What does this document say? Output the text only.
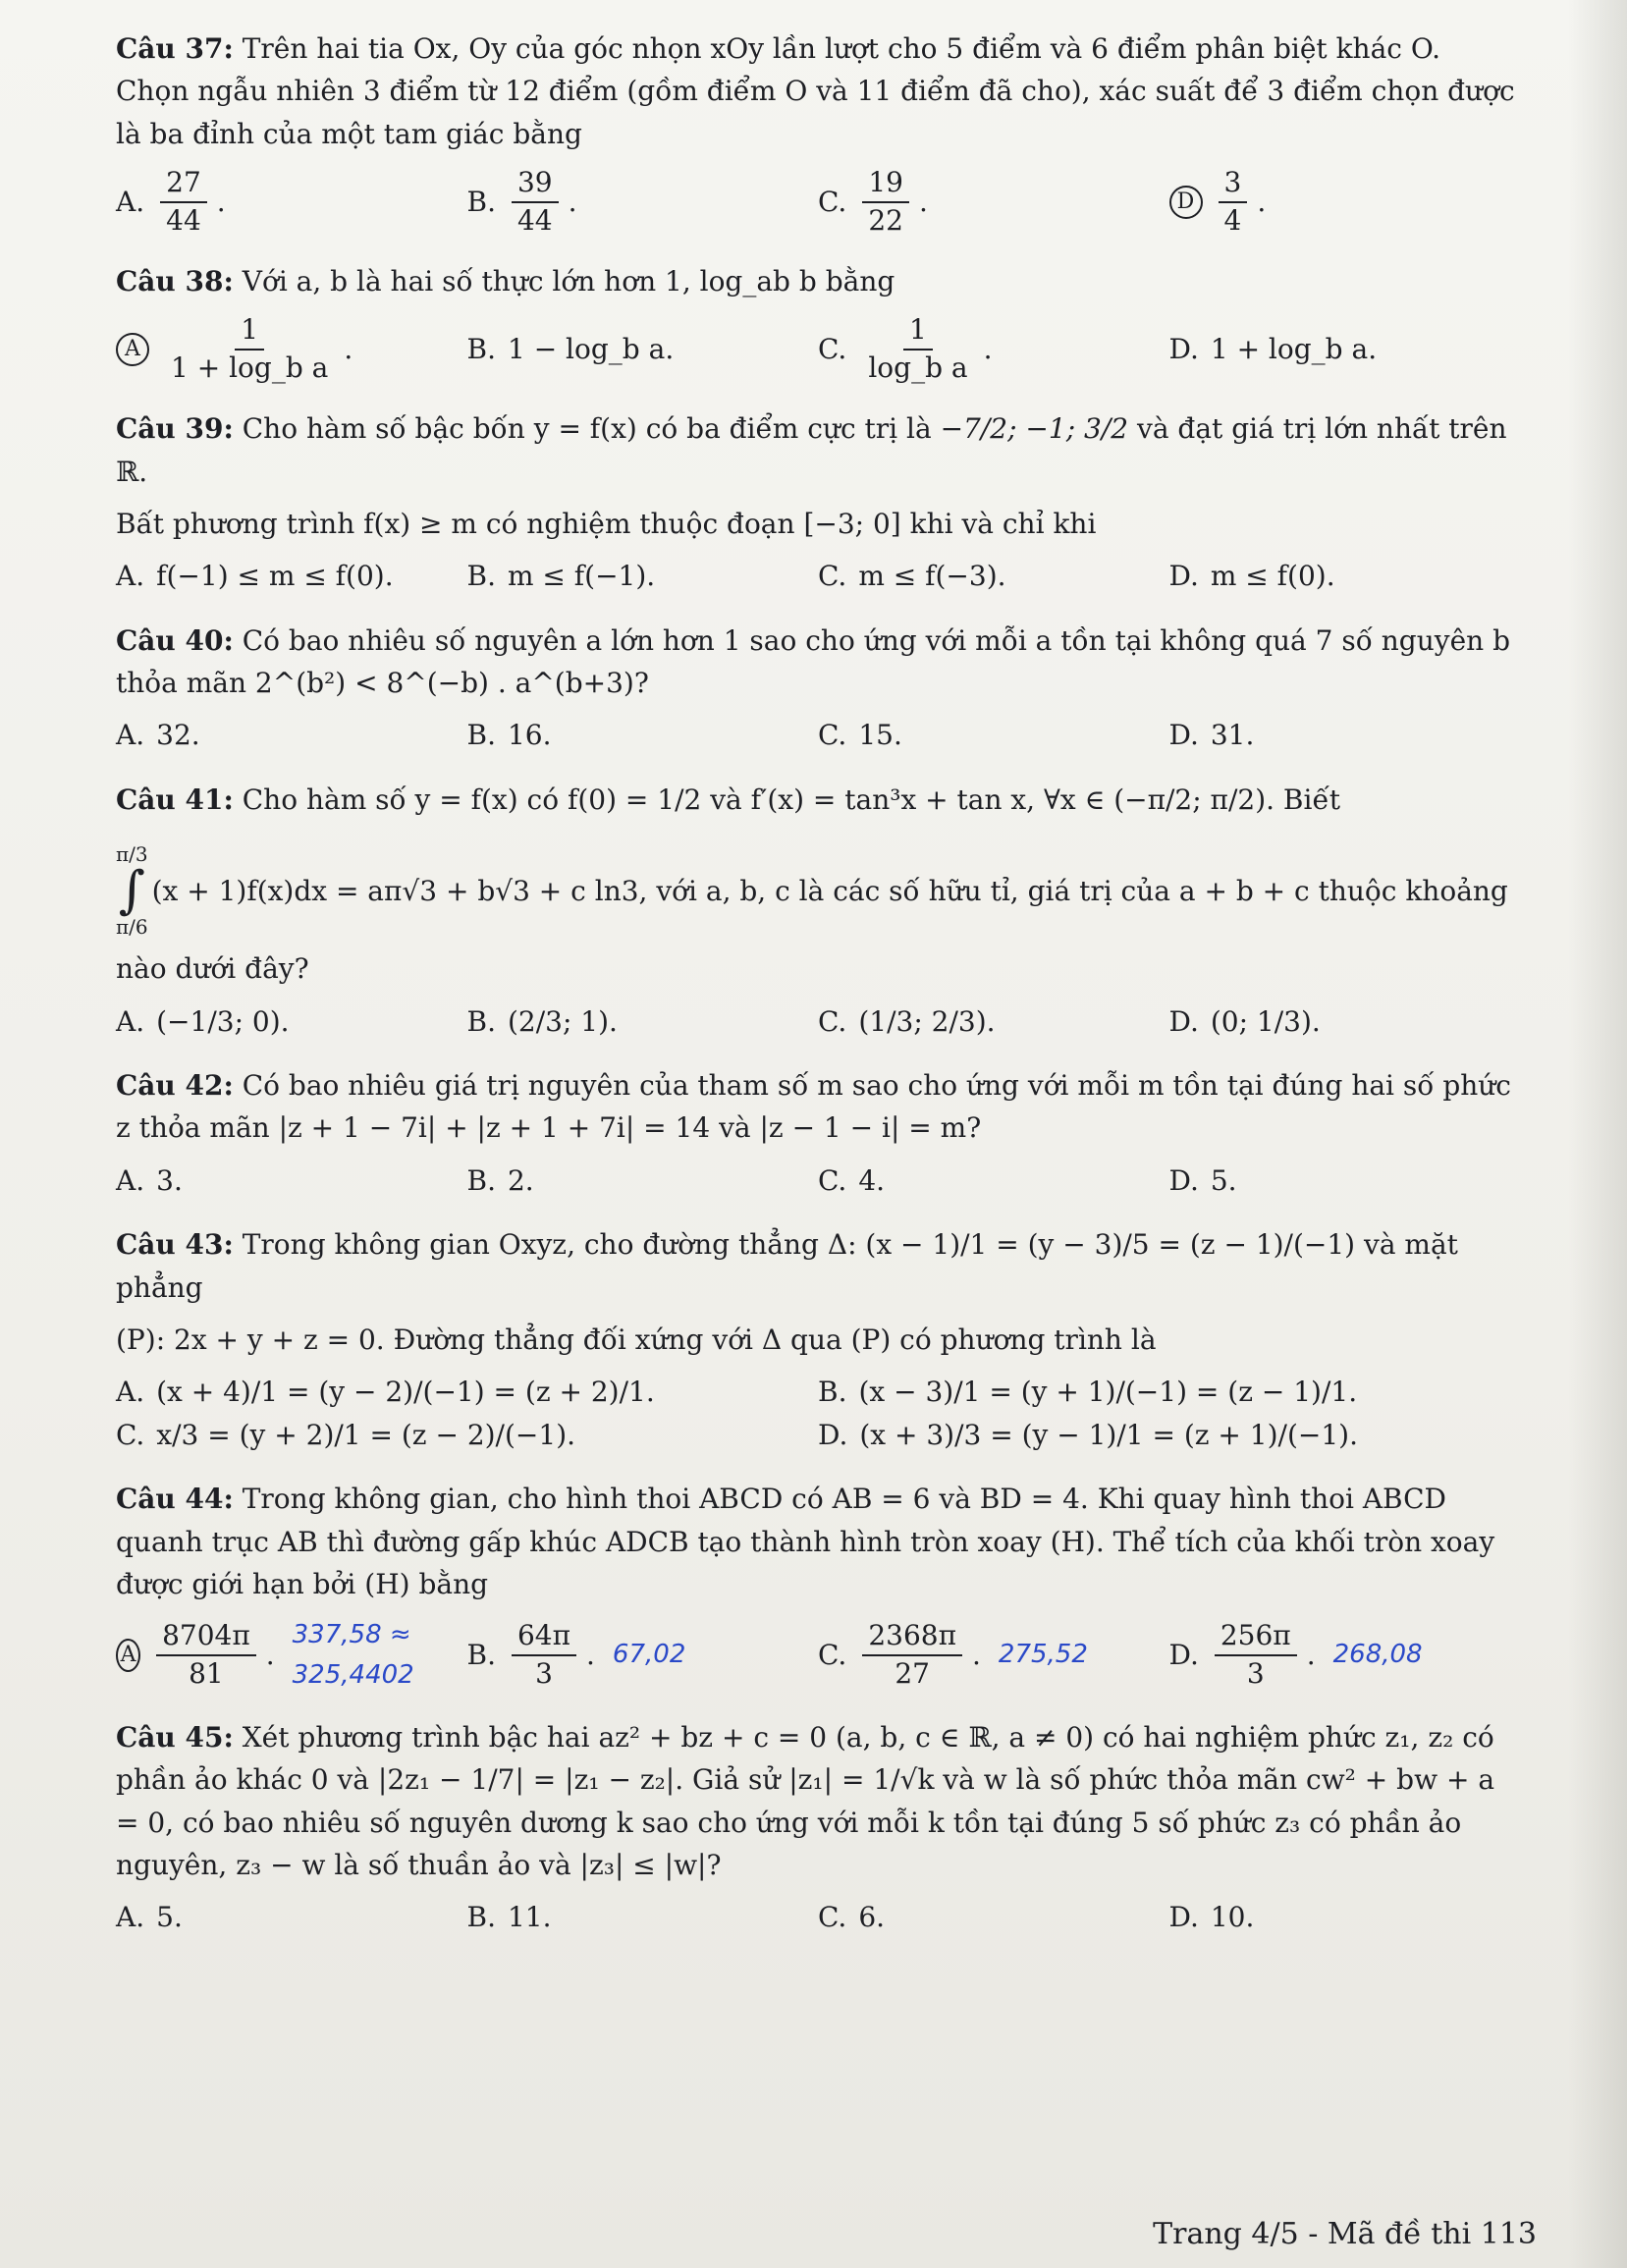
Câu 37: Trên hai tia Ox, Oy của góc nhọn xOy lần lượt cho 5 điểm và 6 điểm phân biệt khác O. Chọn ngẫu nhiên 3 điểm từ 12 điểm (gồm điểm O và 11 điểm đã cho), xác suất để 3 điểm chọn được là ba đỉnh của một tam giác bằng

A. $\frac{27}{44}$ .	B. $\frac{39}{44}$ .	C. $\frac{19}{22}$ .	D $\frac{3}{4}$ .

Câu 38: Với a, b là hai số thực lớn hơn 1, log_ab b bằng

A $\frac{1}{\text{1 + log\_b a}}$ .	B. 1 − log_b a.	C. $\frac{1}{\text{log\_b a}}$ .	D. 1 + log_b a.

Câu 39: Cho hàm số bậc bốn y = f(x) có ba điểm cực trị là −7/2; −1; 3/2 và đạt giá trị lớn nhất trên ℝ.

Bất phương trình f(x) ≥ m có nghiệm thuộc đoạn [−3; 0] khi và chỉ khi

A. f(−1) ≤ m ≤ f(0).	B. m ≤ f(−1).	C. m ≤ f(−3).	D. m ≤ f(0).

Câu 40: Có bao nhiêu số nguyên a lớn hơn 1 sao cho ứng với mỗi a tồn tại không quá 7 số nguyên b thỏa mãn 2^(b²) < 8^(−b) . a^(b+3)?

A. 32.	B. 16.	C. 15.	D. 31.

Câu 41: Cho hàm số y = f(x) có f(0) = 1/2 và f′(x) = tan³x + tan x, ∀x ∈ (−π/2; π/2). Biết

π/3
∫
π/6
(x + 1)f(x)dx = aπ√3 + b√3 + c ln3, với a, b, c là các số hữu tỉ, giá trị của a + b + c thuộc khoảng

nào dưới đây?

A. (−1/3; 0).	B. (2/3; 1).	C. (1/3; 2/3).	D. (0; 1/3).

Câu 42: Có bao nhiêu giá trị nguyên của tham số m sao cho ứng với mỗi m tồn tại đúng hai số phức z thỏa mãn |z + 1 − 7i| + |z + 1 + 7i| = 14 và |z − 1 − i| = m?

A. 3.	B. 2.	C. 4.	D. 5.

Câu 43: Trong không gian Oxyz, cho đường thẳng Δ: (x − 1)/1 = (y − 3)/5 = (z − 1)/(−1) và mặt phẳng

(P): 2x + y + z = 0. Đường thẳng đối xứng với Δ qua (P) có phương trình là

A. (x + 4)/1 = (y − 2)/(−1) = (z + 2)/1.	B. (x − 3)/1 = (y + 1)/(−1) = (z − 1)/1.
C. x/3 = (y + 2)/1 = (z − 2)/(−1).	D. (x + 3)/3 = (y − 1)/1 = (z + 1)/(−1).

Câu 44: Trong không gian, cho hình thoi ABCD có AB = 6 và BD = 4. Khi quay hình thoi ABCD quanh trục AB thì đường gấp khúc ADCB tạo thành hình tròn xoay (H). Thể tích của khối tròn xoay được giới hạn bởi (H) bằng

A $\frac{8704\pi}{81}$ .
337,58 ≈ 325,4402
B. $\frac{64\pi}{3}$ . 67,02	C. $\frac{2368\pi}{27}$ . 275,52	D. $\frac{256\pi}{3}$ . 268,08

Câu 45: Xét phương trình bậc hai az² + bz + c = 0 (a, b, c ∈ ℝ, a ≠ 0) có hai nghiệm phức z₁, z₂ có phần ảo khác 0 và |2z₁ − 1/7| = |z₁ − z₂|. Giả sử |z₁| = 1/√k và w là số phức thỏa mãn cw² + bw + a = 0, có bao nhiêu số nguyên dương k sao cho ứng với mỗi k tồn tại đúng 5 số phức z₃ có phần ảo nguyên, z₃ − w là số thuần ảo và |z₃| ≤ |w|?

A. 5.	B. 11.	C. 6.	D. 10.
Trang 4/5 - Mã đề thi 113
